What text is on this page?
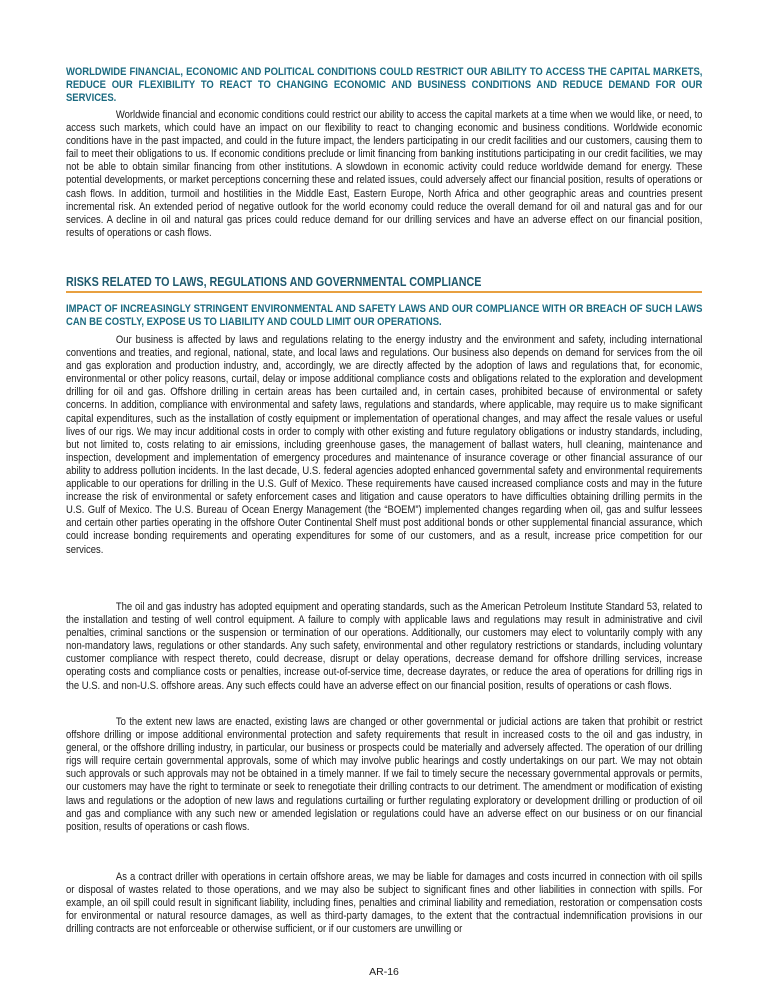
WORLDWIDE FINANCIAL, ECONOMIC AND POLITICAL CONDITIONS COULD RESTRICT OUR ABILITY TO ACCESS THE CAPITAL MARKETS, REDUCE OUR FLEXIBILITY TO REACT TO CHANGING ECONOMIC AND BUSINESS CONDITIONS AND REDUCE DEMAND FOR OUR SERVICES.
Worldwide financial and economic conditions could restrict our ability to access the capital markets at a time when we would like, or need, to access such markets, which could have an impact on our flexibility to react to changing economic and business conditions. Worldwide economic conditions have in the past impacted, and could in the future impact, the lenders participating in our credit facilities and our customers, causing them to fail to meet their obligations to us. If economic conditions preclude or limit financing from banking institutions participating in our credit facilities, we may not be able to obtain similar financing from other institutions. A slowdown in economic activity could reduce worldwide demand for energy. These potential developments, or market perceptions concerning these and related issues, could adversely affect our financial position, results of operations or cash flows. In addition, turmoil and hostilities in the Middle East, Eastern Europe, North Africa and other geographic areas and countries present incremental risk. An extended period of negative outlook for the world economy could reduce the overall demand for oil and natural gas and for our services. A decline in oil and natural gas prices could reduce demand for our drilling services and have an adverse effect on our financial position, results of operations or cash flows.
RISKS RELATED TO LAWS, REGULATIONS AND GOVERNMENTAL COMPLIANCE
IMPACT OF INCREASINGLY STRINGENT ENVIRONMENTAL AND SAFETY LAWS AND OUR COMPLIANCE WITH OR BREACH OF SUCH LAWS CAN BE COSTLY, EXPOSE US TO LIABILITY AND COULD LIMIT OUR OPERATIONS.
Our business is affected by laws and regulations relating to the energy industry and the environment and safety, including international conventions and treaties, and regional, national, state, and local laws and regulations. Our business also depends on demand for services from the oil and gas exploration and production industry, and, accordingly, we are directly affected by the adoption of laws and regulations that, for economic, environmental or other policy reasons, curtail, delay or impose additional compliance costs and obligations related to the exploration and development drilling for oil and gas. Offshore drilling in certain areas has been curtailed and, in certain cases, prohibited because of environmental or safety concerns. In addition, compliance with environmental and safety laws, regulations and standards, where applicable, may require us to make significant capital expenditures, such as the installation of costly equipment or implementation of operational changes, and may affect the resale values or useful lives of our rigs. We may incur additional costs in order to comply with other existing and future regulatory obligations or industry standards, including, but not limited to, costs relating to air emissions, including greenhouse gases, the management of ballast waters, hull cleaning, maintenance and inspection, development and implementation of emergency procedures and maintenance of insurance coverage or other financial assurance of our ability to address pollution incidents. In the last decade, U.S. federal agencies adopted enhanced governmental safety and environmental requirements applicable to our operations for drilling in the U.S. Gulf of Mexico. These requirements have caused increased compliance costs and may in the future increase the risk of environmental or safety enforcement cases and litigation and cause operators to have difficulties obtaining drilling permits in the U.S. Gulf of Mexico. The U.S. Bureau of Ocean Energy Management (the “BOEM”) implemented changes regarding when oil, gas and sulfur lessees and certain other parties operating in the offshore Outer Continental Shelf must post additional bonds or other supplemental financial assurance, which could increase bonding requirements and operating expenditures for some of our customers, and as a result, increase price competition for our services.
The oil and gas industry has adopted equipment and operating standards, such as the American Petroleum Institute Standard 53, related to the installation and testing of well control equipment. A failure to comply with applicable laws and regulations may result in administrative and civil penalties, criminal sanctions or the suspension or termination of our operations. Additionally, our customers may elect to voluntarily comply with any non-mandatory laws, regulations or other standards. Any such safety, environmental and other regulatory restrictions or standards, including voluntary customer compliance with respect thereto, could decrease, disrupt or delay operations, decrease demand for offshore drilling services, increase operating costs and compliance costs or penalties, increase out-of-service time, decrease dayrates, or reduce the area of operations for drilling rigs in the U.S. and non-U.S. offshore areas. Any such effects could have an adverse effect on our financial position, results of operations or cash flows.
To the extent new laws are enacted, existing laws are changed or other governmental or judicial actions are taken that prohibit or restrict offshore drilling or impose additional environmental protection and safety requirements that result in increased costs to the oil and gas industry, in general, or the offshore drilling industry, in particular, our business or prospects could be materially and adversely affected. The operation of our drilling rigs will require certain governmental approvals, some of which may involve public hearings and costly undertakings on our part. We may not obtain such approvals or such approvals may not be obtained in a timely manner. If we fail to timely secure the necessary governmental approvals or permits, our customers may have the right to terminate or seek to renegotiate their drilling contracts to our detriment. The amendment or modification of existing laws and regulations or the adoption of new laws and regulations curtailing or further regulating exploratory or development drilling or production of oil and gas and compliance with any such new or amended legislation or regulations could have an adverse effect on our business or on our financial position, results of operations or cash flows.
As a contract driller with operations in certain offshore areas, we may be liable for damages and costs incurred in connection with oil spills or disposal of wastes related to those operations, and we may also be subject to significant fines and other liabilities in connection with spills. For example, an oil spill could result in significant liability, including fines, penalties and criminal liability and remediation, restoration or compensation costs for environmental or natural resource damages, as well as third-party damages, to the extent that the contractual indemnification provisions in our drilling contracts are not enforceable or otherwise sufficient, or if our customers are unwilling or
AR-16
